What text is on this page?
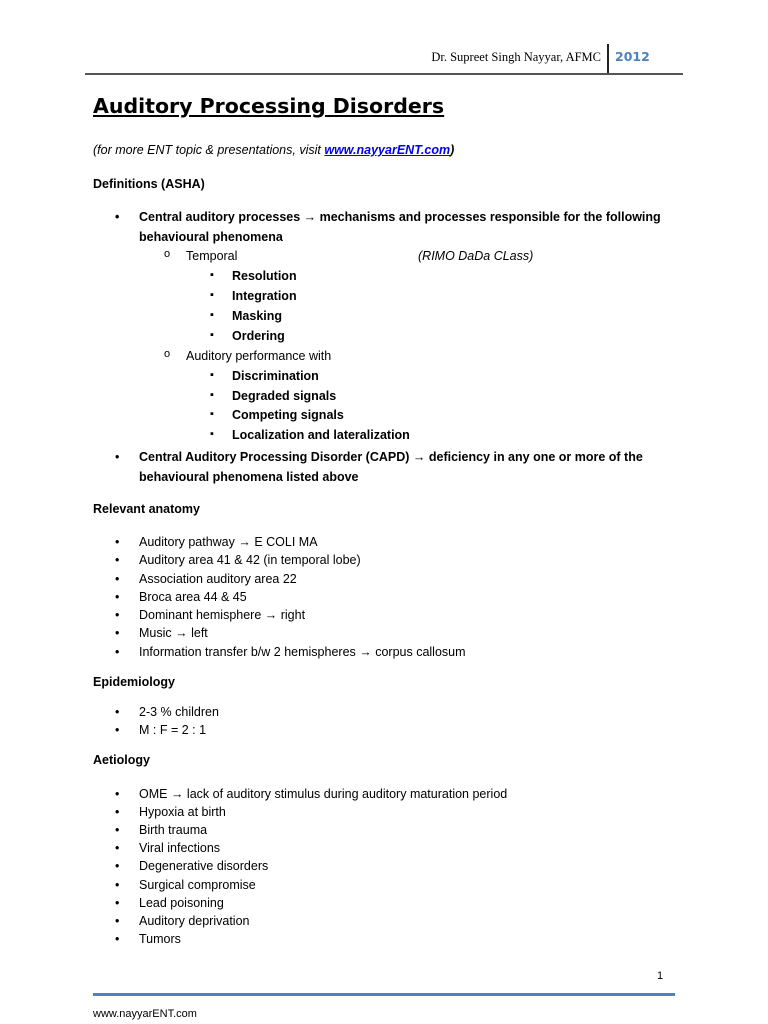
Dr. Supreet Singh Nayyar, AFMC 2012
Auditory Processing Disorders
(for more ENT topic & presentations, visit www.nayyarENT.com)
Definitions (ASHA)
• Central auditory processes → mechanisms and processes responsible for the following
behavioural phenomena
o Temporal	(RIMO DaDa CLass)
▪ Resolution
▪ Integration
▪ Masking
▪ Ordering
o Auditory performance with
▪ Discrimination
▪ Degraded signals
▪ Competing signals
▪ Localization and lateralization
• Central Auditory Processing Disorder (CAPD) → deficiency in any one or more of the
behavioural phenomena listed above
Relevant anatomy
• Auditory pathway → E COLI MA
• Auditory area 41 & 42 (in temporal lobe)
• Association auditory area 22
• Broca area 44 & 45
• Dominant hemisphere → right
• Music → left
• Information transfer b/w 2 hemispheres → corpus callosum
Epidemiology
• 2-3 % children
• M : F = 2 : 1
Aetiology
• OME → lack of auditory stimulus during auditory maturation period
• Hypoxia at birth
• Birth trauma
• Viral infections
• Degenerative disorders
• Surgical compromise
• Lead poisoning
• Auditory deprivation
• Tumors
1
www.nayyarENT.com
